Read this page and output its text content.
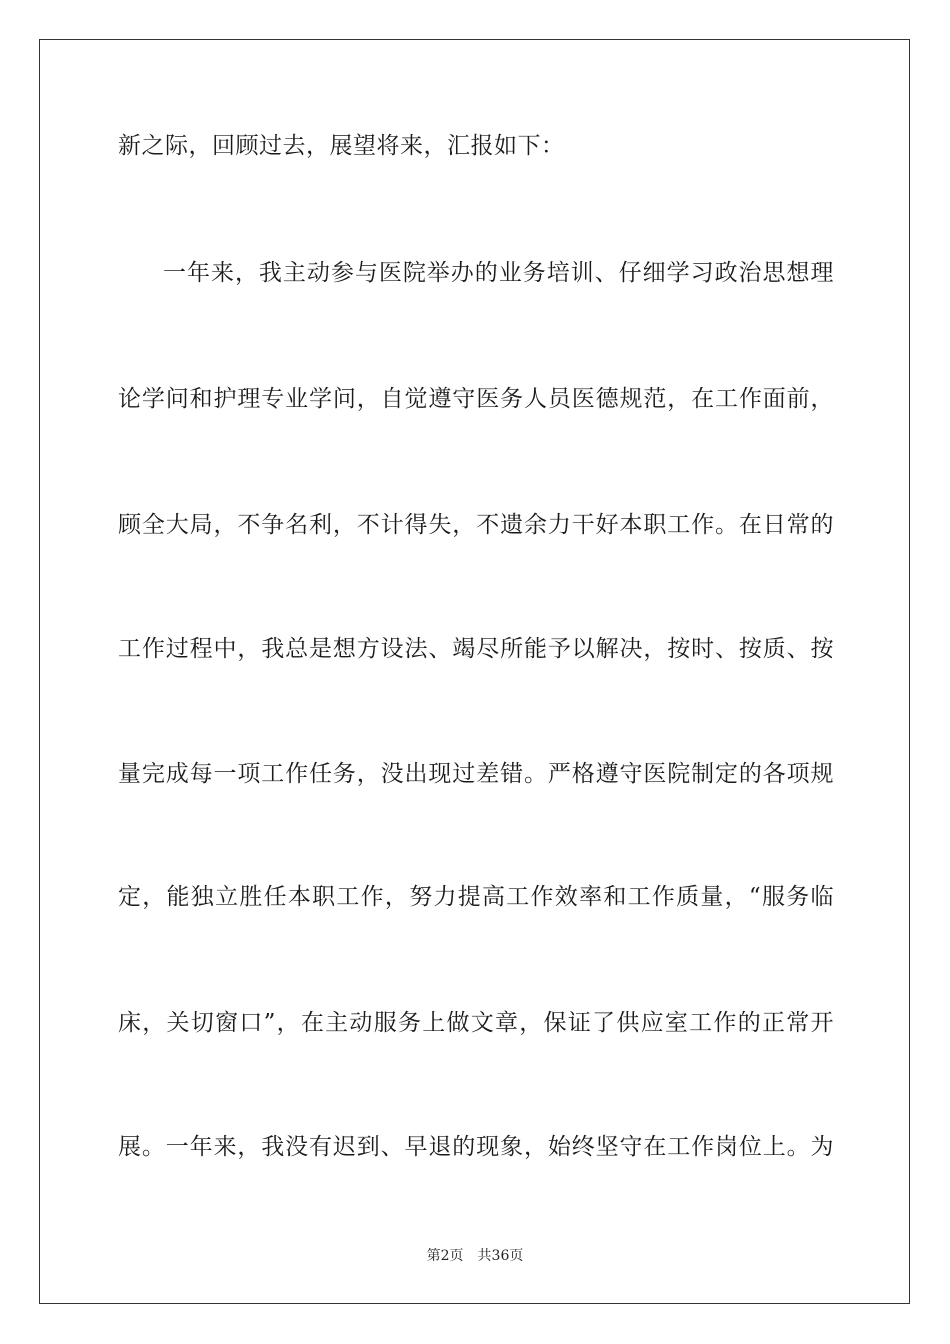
新之际，回顾过去，展望将来，汇报如下：
一年来，我主动参与医院举办的业务培训、仔细学习政治思想理
论学问和护理专业学问，自觉遵守医务人员医德规范，在工作面前，
顾全大局，不争名利，不计得失，不遗余力干好本职工作。在日常的
工作过程中，我总是想方设法、竭尽所能予以解决，按时、按质、按
量完成每一项工作任务，没出现过差错。严格遵守医院制定的各项规
定，能独立胜任本职工作，努力提高工作效率和工作质量，“服务临
床，关切窗口”，在主动服务上做文章，保证了供应室工作的正常开
展。一年来，我没有迟到、早退的现象，始终坚守在工作岗位上。为
第2页 共36页
